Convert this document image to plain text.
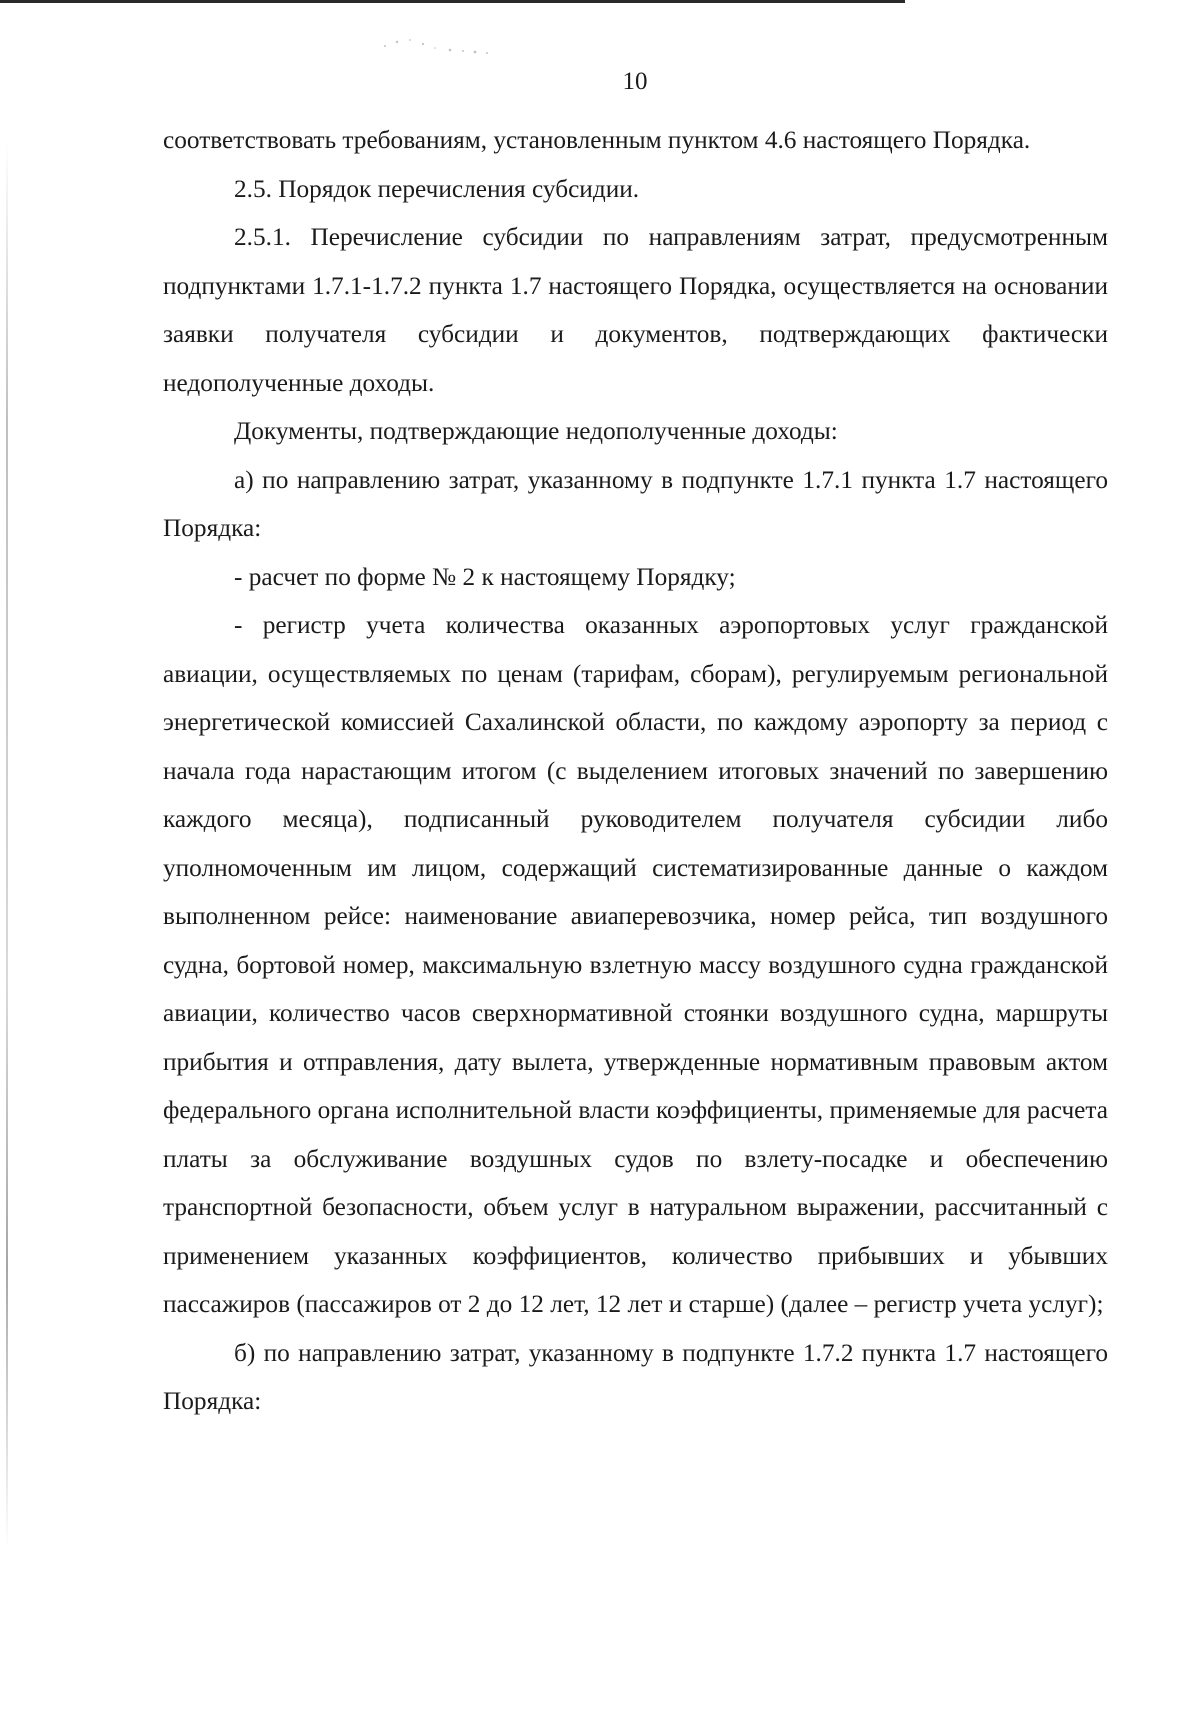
10

соответствовать требованиям, установленным пунктом 4.6 настоящего Порядка.

2.5. Порядок перечисления субсидии.

2.5.1. Перечисление субсидии по направлениям затрат, предусмотренным подпунктами 1.7.1-1.7.2 пункта 1.7 настоящего Порядка, осуществляется на основании заявки получателя субсидии и документов, подтверждающих фактически недополученные доходы.

Документы, подтверждающие недополученные доходы:

а) по направлению затрат, указанному в подпункте 1.7.1 пункта 1.7 настоящего Порядка:

- расчет по форме № 2 к настоящему Порядку;

- регистр учета количества оказанных аэропортовых услуг гражданской авиации, осуществляемых по ценам (тарифам, сборам), регулируемым региональной энергетической комиссией Сахалинской области, по каждому аэропорту за период с начала года нарастающим итогом (с выделением итоговых значений по завершению каждого месяца), подписанный руководителем получателя субсидии либо уполномоченным им лицом, содержащий систематизированные данные о каждом выполненном рейсе: наименование авиаперевозчика, номер рейса, тип воздушного судна, бортовой номер, максимальную взлетную массу воздушного судна гражданской авиации, количество часов сверхнормативной стоянки воздушного судна, маршруты прибытия и отправления, дату вылета, утвержденные нормативным правовым актом федерального органа исполнительной власти коэффициенты, применяемые для расчета платы за обслуживание воздушных судов по взлету-посадке и обеспечению транспортной безопасности, объем услуг в натуральном выражении, рассчитанный с применением указанных коэффициентов, количество прибывших и убывших пассажиров (пассажиров от 2 до 12 лет, 12 лет и старше) (далее – регистр учета услуг);

б) по направлению затрат, указанному в подпункте 1.7.2 пункта 1.7 настоящего Порядка:
